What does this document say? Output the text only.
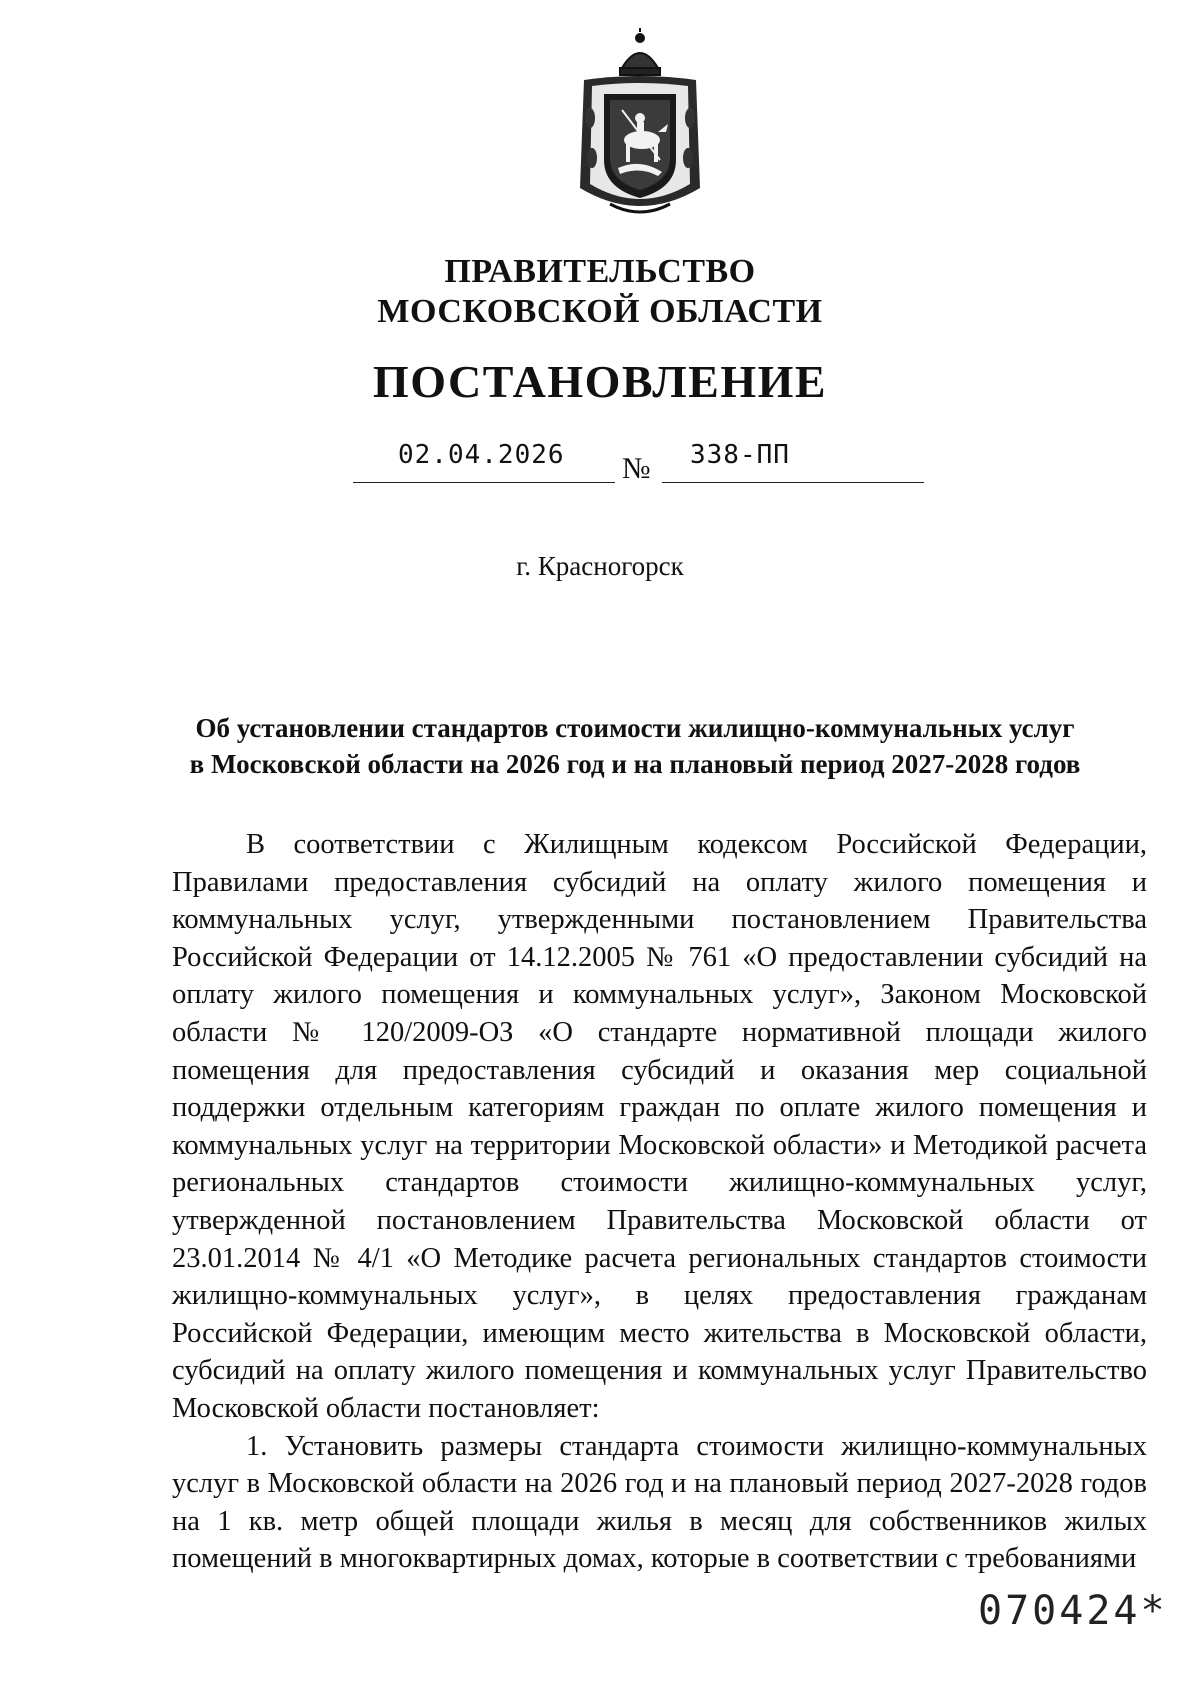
ПРАВИТЕЛЬСТВО
МОСКОВСКОЙ ОБЛАСТИ
ПОСТАНОВЛЕНИЕ
02.04.2026 № 338-ПП
г. Красногорск
Об установлении стандартов стоимости жилищно-коммунальных услуг
в Московской области на 2026 год и на плановый период 2027-2028 годов

В соответствии с Жилищным кодексом Российской Федерации, Правилами предоставления субсидий на оплату жилого помещения и коммунальных услуг, утвержденными постановлением Правительства Российской Федерации от 14.12.2005 № 761 «О предоставлении субсидий на оплату жилого помещения и коммунальных услуг», Законом Московской области № 120/2009-ОЗ «О стандарте нормативной площади жилого помещения для предоставления субсидий и оказания мер социальной поддержки отдельным категориям граждан по оплате жилого помещения и коммунальных услуг на территории Московской области» и Методикой расчета региональных стандартов стоимости жилищно-коммунальных услуг, утвержденной постановлением Правительства Московской области от 23.01.2014 № 4/1 «О Методике расчета региональных стандартов стоимости жилищно-коммунальных услуг», в целях предоставления гражданам Российской Федерации, имеющим место жительства в Московской области, субсидий на оплату жилого помещения и коммунальных услуг Правительство Московской области постановляет:

1. Установить размеры стандарта стоимости жилищно-коммунальных услуг в Московской области на 2026 год и на плановый период 2027-2028 годов на 1 кв. метр общей площади жилья в месяц для собственников жилых помещений в многоквартирных домах, которые в соответствии с требованиями

070424*
